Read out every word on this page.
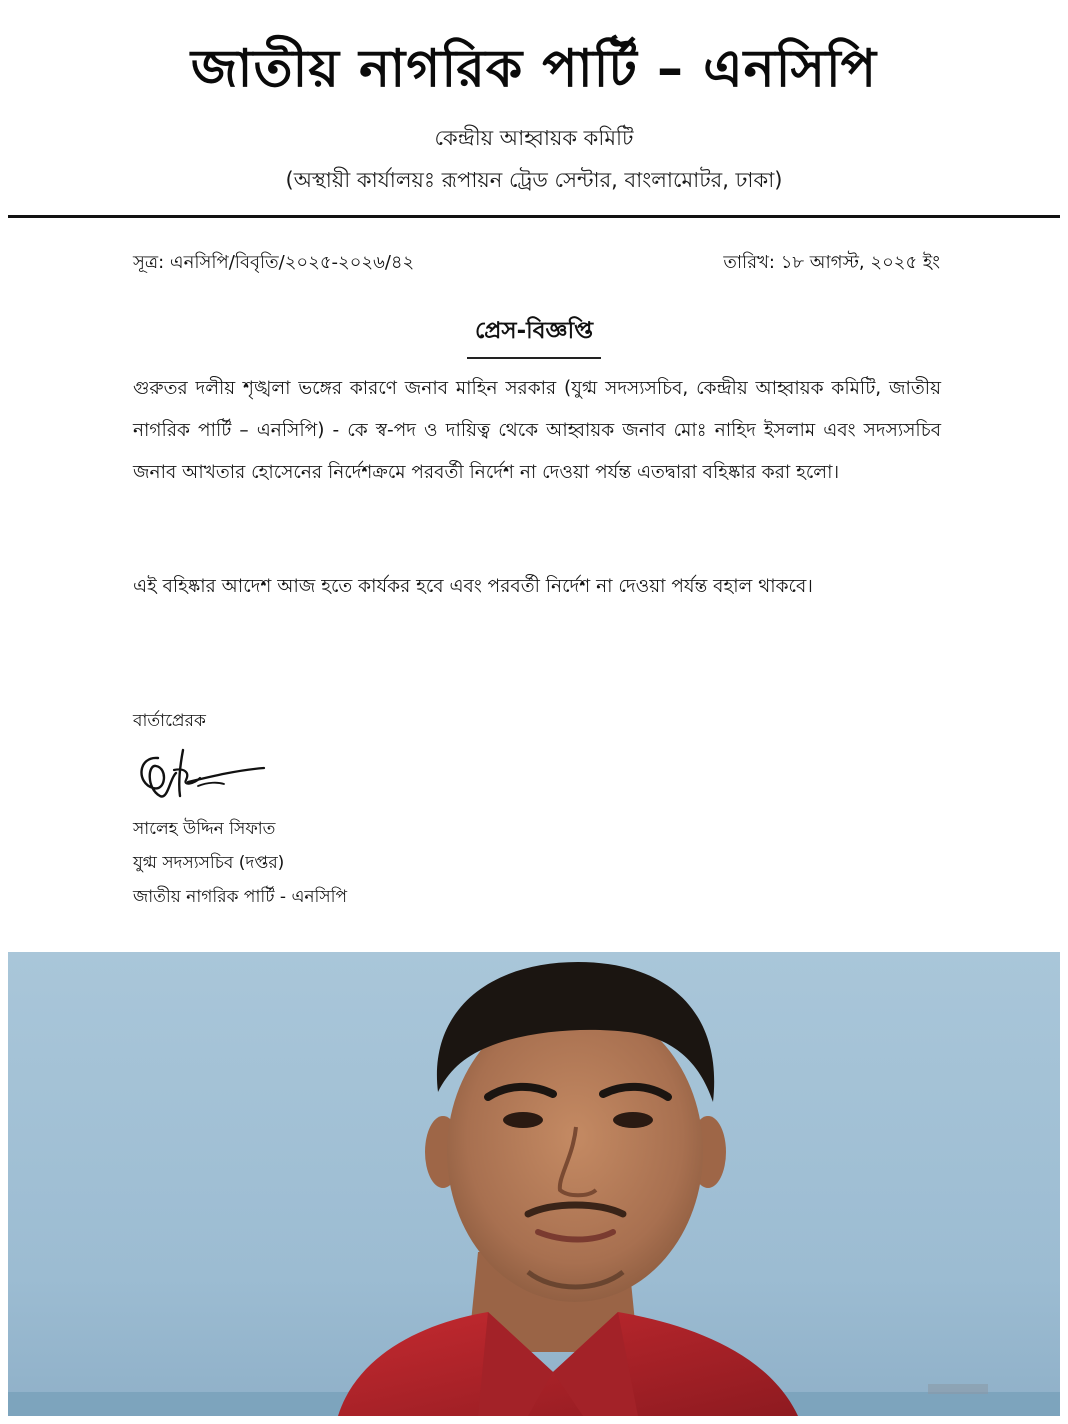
জাতীয় নাগরিক পার্টি – এনসিপি
কেন্দ্রীয় আহ্বায়ক কমিটি
(অস্থায়ী কার্যালয়ঃ রূপায়ন ট্রেড সেন্টার, বাংলামোটর, ঢাকা)
সূত্র: এনসিপি/বিবৃতি/২০২৫-২০২৬/৪২	তারিখ: ১৮ আগস্ট, ২০২৫ ইং
প্রেস-বিজ্ঞপ্তি
গুরুতর দলীয় শৃঙ্খলা ভঙ্গের কারণে জনাব মাহিন সরকার (যুগ্ম সদস্যসচিব, কেন্দ্রীয় আহ্বায়ক কমিটি, জাতীয় নাগরিক পার্টি – এনসিপি) - কে স্ব-পদ ও দায়িত্ব থেকে আহ্বায়ক জনাব মোঃ নাহিদ ইসলাম এবং সদস্যসচিব জনাব আখতার হোসেনের নির্দেশক্রমে পরবর্তী নির্দেশ না দেওয়া পর্যন্ত এতদ্বারা বহিষ্কার করা হলো।
এই বহিষ্কার আদেশ আজ হতে কার্যকর হবে এবং পরবর্তী নির্দেশ না দেওয়া পর্যন্ত বহাল থাকবে।
বার্তাপ্রেরক
সালেহ উদ্দিন সিফাত
যুগ্ম সদস্যসচিব (দপ্তর)
জাতীয় নাগরিক পার্টি - এনসিপি
